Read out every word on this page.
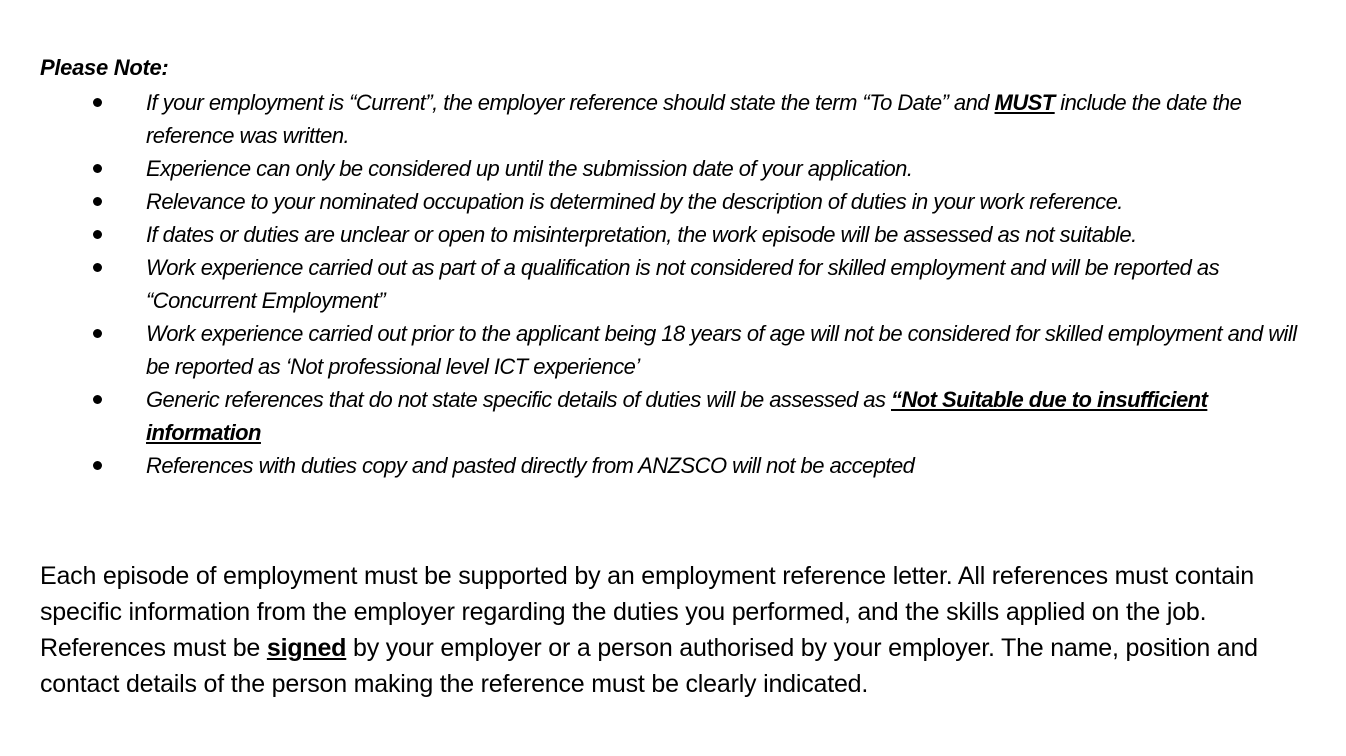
Please Note:
If your employment is “Current”, the employer reference should state the term “To Date” and MUST include the date the reference was written.
Experience can only be considered up until the submission date of your application.
Relevance to your nominated occupation is determined by the description of duties in your work reference.
If dates or duties are unclear or open to misinterpretation, the work episode will be assessed as not suitable.
Work experience carried out as part of a qualification is not considered for skilled employment and will be reported as “Concurrent Employment”
Work experience carried out prior to the applicant being 18 years of age will not be considered for skilled employment and will be reported as ‘Not professional level ICT experience’
Generic references that do not state specific details of duties will be assessed as “Not Suitable due to insufficient information
References with duties copy and pasted directly from ANZSCO will not be accepted

Each episode of employment must be supported by an employment reference letter. All references must contain specific information from the employer regarding the duties you performed, and the skills applied on the job.

References must be signed by your employer or a person authorised by your employer. The name, position and contact details of the person making the reference must be clearly indicated.
